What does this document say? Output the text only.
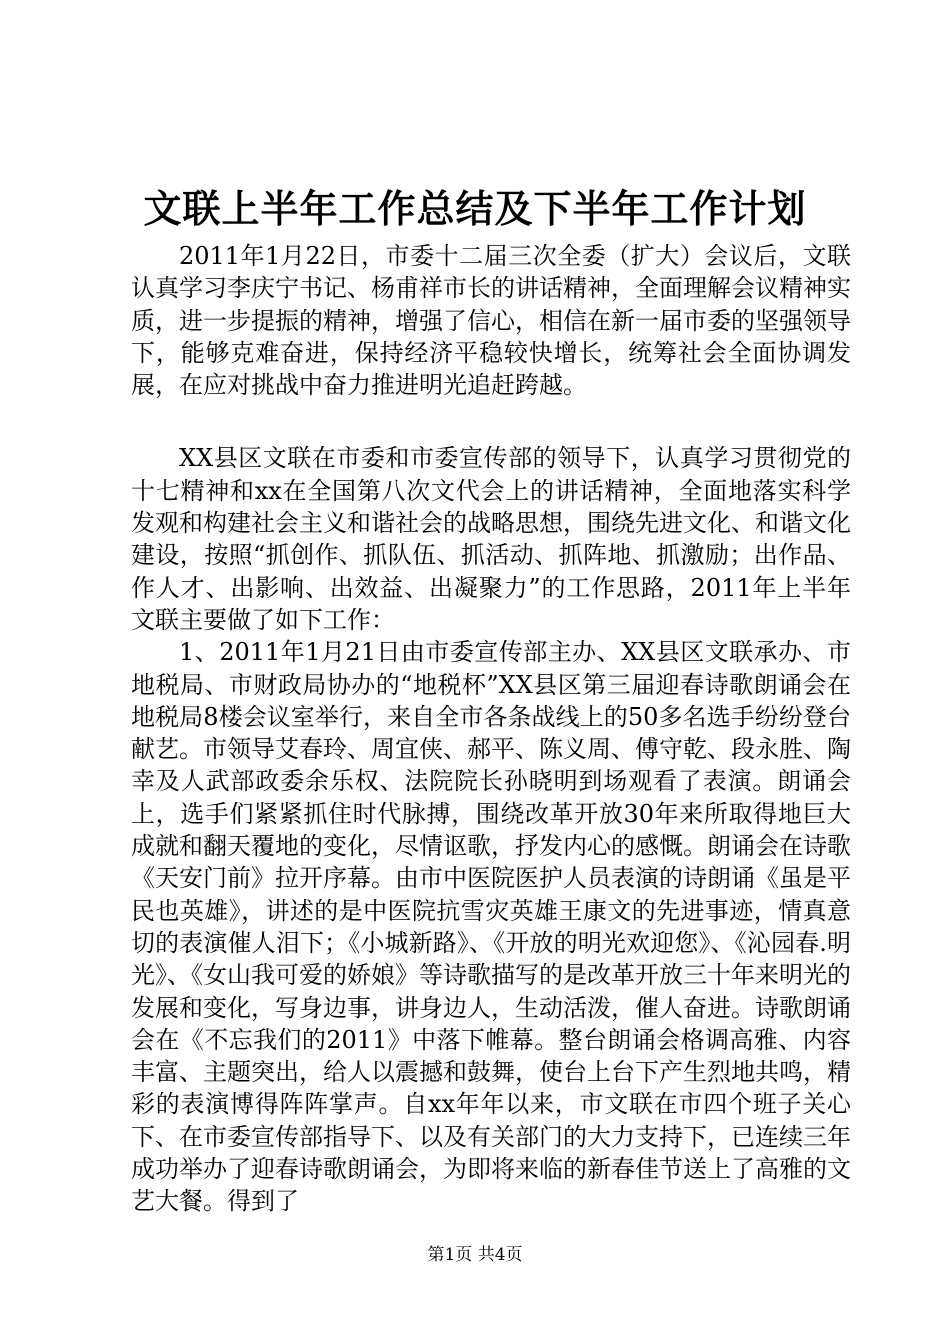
文联上半年工作总结及下半年工作计划

2011年1月22日，市委十二届三次全委（扩大）会议后，文联认真学习李庆宁书记、杨甫祥市长的讲话精神，全面理解会议精神实质，进一步提振的精神，增强了信心，相信在新一届市委的坚强领导下，能够克难奋进，保持经济平稳较快增长，统筹社会全面协调发展，在应对挑战中奋力推进明光追赶跨越。

XX县区文联在市委和市委宣传部的领导下，认真学习贯彻党的十七精神和xx在全国第八次文代会上的讲话精神，全面地落实科学发观和构建社会主义和谐社会的战略思想，围绕先进文化、和谐文化建设，按照“抓创作、抓队伍、抓活动、抓阵地、抓激励；出作品、作人才、出影响、出效益、出凝聚力”的工作思路，2011年上半年文联主要做了如下工作：

1、2011年1月21日由市委宣传部主办、XX县区文联承办、市地税局、市财政局协办的“地税杯”XX县区第三届迎春诗歌朗诵会在地税局8楼会议室举行，来自全市各条战线上的50多名选手纷纷登台献艺。市领导艾春玲、周宜侠、郝平、陈义周、傅守乾、段永胜、陶幸及人武部政委余乐权、法院院长孙晓明到场观看了表演。朗诵会上，选手们紧紧抓住时代脉搏，围绕改革开放30年来所取得地巨大成就和翻天覆地的变化，尽情讴歌，抒发内心的感慨。朗诵会在诗歌《天安门前》拉开序幕。由市中医院医护人员表演的诗朗诵《虽是平民也英雄》，讲述的是中医院抗雪灾英雄王康文的先进事迹，情真意切的表演催人泪下；《小城新路》、《开放的明光欢迎您》、《沁园春.明光》、《女山我可爱的娇娘》等诗歌描写的是改革开放三十年来明光的发展和变化，写身边事，讲身边人，生动活泼，催人奋进。诗歌朗诵会在《不忘我们的2011》中落下帷幕。整台朗诵会格调高雅、内容丰富、主题突出，给人以震撼和鼓舞，使台上台下产生烈地共鸣，精彩的表演博得阵阵掌声。自xx年年以来，市文联在市四个班子关心下、在市委宣传部指导下、以及有关部门的大力支持下，已连续三年成功举办了迎春诗歌朗诵会，为即将来临的新春佳节送上了高雅的文艺大餐。得到了

第1页 共4页
